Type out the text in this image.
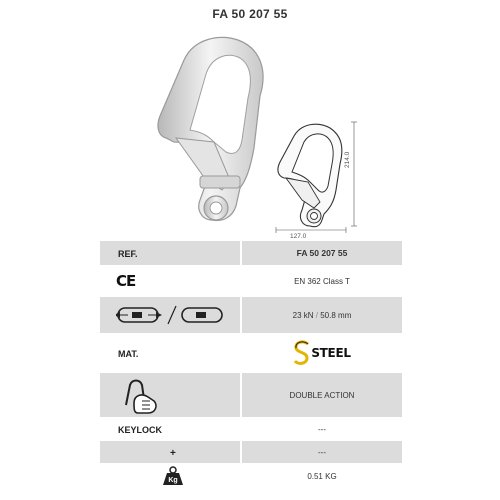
FA 50 207 55
127.0
214.0
REF.	FA 50 207 55

CE	EN 362 Class T

	23 kN / 50.8 mm
MAT.	STEEL

	DOUBLE ACTION
KEYLOCK	---
+	---

Kg	0.51 KG
